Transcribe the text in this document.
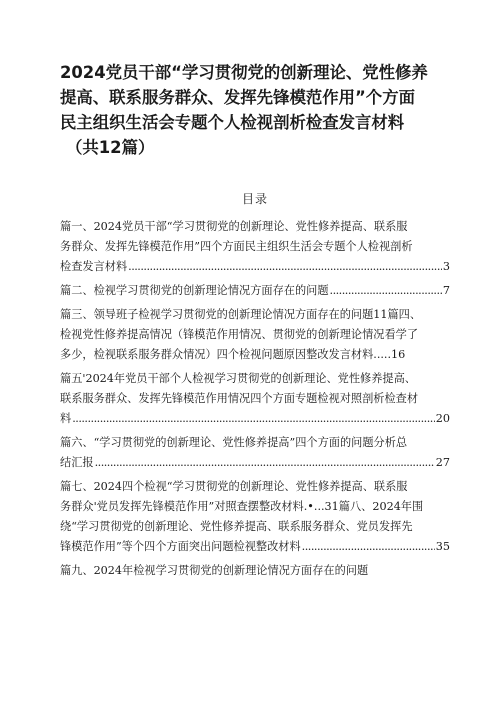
2024党员干部“学习贯彻党的创新理论、党性修养
提高、联系服务群众、发挥先锋模范作用”个方面
民主组织生活会专题个人检视剖析检查发言材料
（共12篇）
目录
篇一、2024党员干部“学习贯彻党的创新理论、党性修养提高、联系服
务群众、发挥先锋模范作用”四个方面民主组织生活会专题个人检视剖析
检查发言材料 .....	3
篇二、检视学习贯彻党的创新理论情况方面存在的问题 .....	7
篇三、领导班子检视学习贯彻党的创新理论情况方面存在的问题11篇四、
检视党性修养提高情况（锋模范作用情况、贯彻党的创新理论情况看学了
多少，检视联系服务群众情况）四个检视问题原因整改发言材料 ..... 16
篇五'2024年党员干部个人检视学习贯彻党的创新理论、党性修养提高、
联系服务群众、发挥先锋模范作用情况四个方面专题检视对照剖析检查材
料 .....	20
篇六、“学习贯彻党的创新理论、党性修养提高”四个方面的问题分析总
结汇报 .....	27
篇七、2024四个检视“学习贯彻党的创新理论、党性修养提高、联系服
务群众'党员发挥先锋模范作用”对照查摆整改材料.•...31篇八、2024年围
绕“学习贯彻党的创新理论、党性修养提高、联系服务群众、党员发挥先
锋模范作用”等个四个方面突出问题检视整改材料 .....	35
篇九、2024年检视学习贯彻党的创新理论情况方面存在的问题
